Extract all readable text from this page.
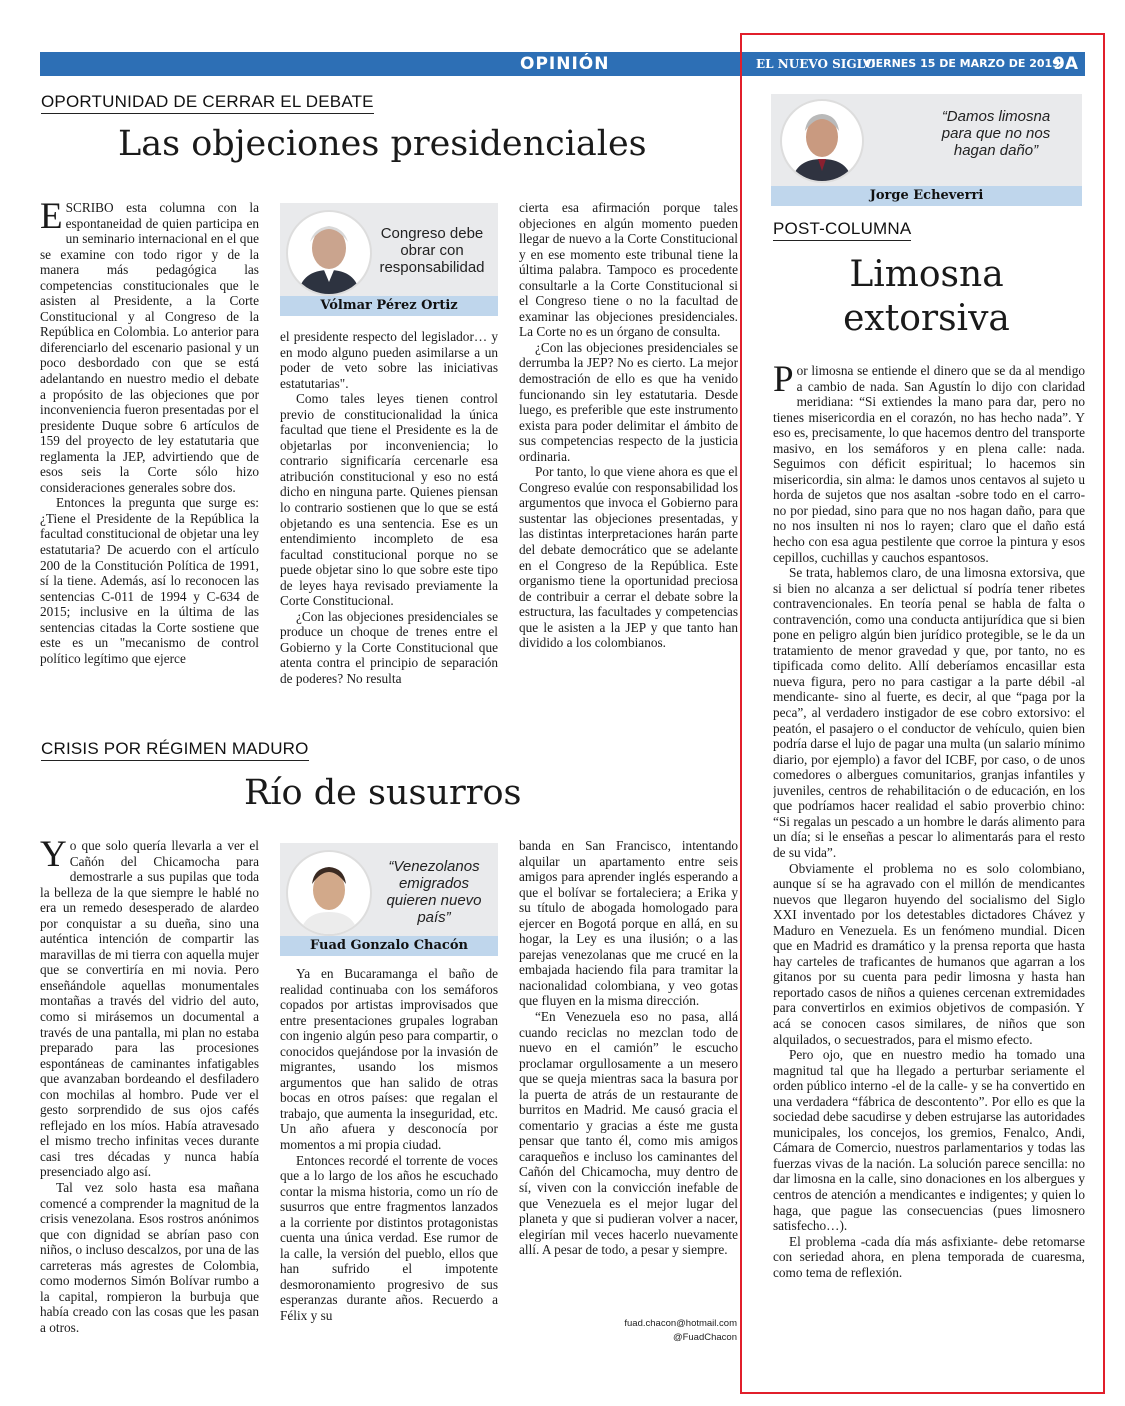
OPINIÓN	EL NUEVO SIGLO
VIERNES 15 DE MARZO DE 2019
9A
OPORTUNIDAD DE CERRAR EL DEBATE
Las objeciones presidenciales

ESCRIBO esta columna con la espontaneidad de quien participa en un seminario internacional en el que se examine con todo rigor y de la manera más pedagógica las competencias constitucionales que le asisten al Presidente, a la Corte Constitucional y al Congreso de la República en Colombia. Lo anterior para diferenciarlo del escenario pasional y un poco desbordado con que se está adelantando en nuestro medio el debate a propósito de las objeciones que por inconveniencia fueron presentadas por el presidente Duque sobre 6 artículos de 159 del proyecto de ley estatutaria que reglamenta la JEP, advirtiendo que de esos seis la Corte sólo hizo consideraciones generales sobre dos.

Entonces la pregunta que surge es: ¿Tiene el Presidente de la República la facultad constitucional de objetar una ley estatutaria? De acuerdo con el artículo 200 de la Constitución Política de 1991, sí la tiene. Además, así lo reconocen las sentencias C-011 de 1994 y C-634 de 2015; inclusive en la última de las sentencias citadas la Corte sostiene que este es un "mecanismo de control político legítimo que ejerce

Congreso debe obrar con responsabilidad
Vólmar Pérez Ortiz

el presidente respecto del legislador… y en modo alguno pueden asimilarse a un poder de veto sobre las iniciativas estatutarias".

Como tales leyes tienen control previo de constitucionalidad la única facultad que tiene el Presidente es la de objetarlas por inconveniencia; lo contrario significaría cercenarle esa atribución constitucional y eso no está dicho en ninguna parte. Quienes piensan lo contrario sostienen que lo que se está objetando es una sentencia. Ese es un entendimiento incompleto de esa facultad constitucional porque no se puede objetar sino lo que sobre este tipo de leyes haya revisado previamente la Corte Constitucional.

¿Con las objeciones presidenciales se produce un choque de trenes entre el Gobierno y la Corte Constitucional que atenta contra el principio de separación de poderes? No resulta

cierta esa afirmación porque tales objeciones en algún momento pueden llegar de nuevo a la Corte Constitucional y en ese momento este tribunal tiene la última palabra. Tampoco es procedente consultarle a la Corte Constitucional si el Congreso tiene o no la facultad de examinar las objeciones presidenciales. La Corte no es un órgano de consulta.

¿Con las objeciones presidenciales se derrumba la JEP? No es cierto. La mejor demostración de ello es que ha venido funcionando sin ley estatutaria. Desde luego, es preferible que este instrumento exista para poder delimitar el ámbito de sus competencias respecto de la justicia ordinaria.

Por tanto, lo que viene ahora es que el Congreso evalúe con responsabilidad los argumentos que invoca el Gobierno para sustentar las objeciones presentadas, y las distintas interpretaciones harán parte del debate democrático que se adelante en el Congreso de la República. Este organismo tiene la oportunidad preciosa de contribuir a cerrar el debate sobre la estructura, las facultades y competencias que le asisten a la JEP y que tanto han dividido a los colombianos.

CRISIS POR RÉGIMEN MADURO
Río de susurros

Yo que solo quería llevarla a ver el Cañón del Chicamocha para demostrarle a sus pupilas que toda la belleza de la que siempre le hablé no era un remedo desesperado de alardeo por conquistar a su dueña, sino una auténtica intención de compartir las maravillas de mi tierra con aquella mujer que se convertiría en mi novia. Pero enseñándole aquellas monumentales montañas a través del vidrio del auto, como si mirásemos un documental a través de una pantalla, mi plan no estaba preparado para las procesiones espontáneas de caminantes infatigables que avanzaban bordeando el desfiladero con mochilas al hombro. Pude ver el gesto sorprendido de sus ojos cafés reflejado en los míos. Había atravesado el mismo trecho infinitas veces durante casi tres décadas y nunca había presenciado algo así.

Tal vez solo hasta esa mañana comencé a comprender la magnitud de la crisis venezolana. Esos rostros anónimos que con dignidad se abrían paso con niños, o incluso descalzos, por una de las carreteras más agrestes de Colombia, como modernos Simón Bolívar rumbo a la capital, rompieron la burbuja que había creado con las cosas que les pasan a otros.

“Venezolanos emigrados quieren nuevo país”
Fuad Gonzalo Chacón

Ya en Bucaramanga el baño de realidad continuaba con los semáforos copados por artistas improvisados que entre presentaciones grupales lograban con ingenio algún peso para compartir, o conocidos quejándose por la invasión de migrantes, usando los mismos argumentos que han salido de otras bocas en otros países: que regalan el trabajo, que aumenta la inseguridad, etc. Un año afuera y desconocía por momentos a mi propia ciudad.

Entonces recordé el torrente de voces que a lo largo de los años he escuchado contar la misma historia, como un río de susurros que entre fragmentos lanzados a la corriente por distintos protagonistas cuenta una única verdad. Ese rumor de la calle, la versión del pueblo, ellos que han sufrido el impotente desmoronamiento progresivo de sus esperanzas durante años. Recuerdo a Félix y su

banda en San Francisco, intentando alquilar un apartamento entre seis amigos para aprender inglés esperando a que el bolívar se fortaleciera; a Erika y su título de abogada homologado para ejercer en Bogotá porque en allá, en su hogar, la Ley es una ilusión; o a las parejas venezolanas que me crucé en la embajada haciendo fila para tramitar la nacionalidad colombiana, y veo gotas que fluyen en la misma dirección.

“En Venezuela eso no pasa, allá cuando reciclas no mezclan todo de nuevo en el camión” le escucho proclamar orgullosamente a un mesero que se queja mientras saca la basura por la puerta de atrás de un restaurante de burritos en Madrid. Me causó gracia el comentario y gracias a éste me gusta pensar que tanto él, como mis amigos caraqueños e incluso los caminantes del Cañón del Chicamocha, muy dentro de sí, viven con la convicción inefable de que Venezuela es el mejor lugar del planeta y que si pudieran volver a nacer, elegirían mil veces hacerlo nuevamente allí. A pesar de todo, a pesar y siempre.

fuad.chacon@hotmail.com
@FuadChacon
“Damos limosna para que no nos hagan daño”
Jorge Echeverri
POST-COLUMNA
Limosna
extorsiva

Por limosna se entiende el dinero que se da al mendigo a cambio de nada. San Agustín lo dijo con claridad meridiana: “Si extiendes la mano para dar, pero no tienes misericordia en el corazón, no has hecho nada”. Y eso es, precisamente, lo que hacemos dentro del transporte masivo, en los semáforos y en plena calle: nada. Seguimos con déficit espiritual; lo hacemos sin misericordia, sin alma: le damos unos centavos al sujeto u horda de sujetos que nos asaltan -sobre todo en el carro- no por piedad, sino para que no nos hagan daño, para que no nos insulten ni nos lo rayen; claro que el daño está hecho con esa agua pestilente que corroe la pintura y esos cepillos, cuchillas y cauchos espantosos.

Se trata, hablemos claro, de una limosna extorsiva, que si bien no alcanza a ser delictual sí podría tener ribetes contravencionales. En teoría penal se habla de falta o contravención, como una conducta antijurídica que si bien pone en peligro algún bien jurídico protegible, se le da un tratamiento de menor gravedad y que, por tanto, no es tipificada como delito. Allí deberíamos encasillar esta nueva figura, pero no para castigar a la parte débil -al mendicante- sino al fuerte, es decir, al que “paga por la peca”, al verdadero instigador de ese cobro extorsivo: el peatón, el pasajero o el conductor de vehículo, quien bien podría darse el lujo de pagar una multa (un salario mínimo diario, por ejemplo) a favor del ICBF, por caso, o de unos comedores o albergues comunitarios, granjas infantiles y juveniles, centros de rehabilitación o de educación, en los que podríamos hacer realidad el sabio proverbio chino: “Si regalas un pescado a un hombre le darás alimento para un día; si le enseñas a pescar lo alimentarás para el resto de su vida”.

Obviamente el problema no es solo colombiano, aunque sí se ha agravado con el millón de mendicantes nuevos que llegaron huyendo del socialismo del Siglo XXI inventado por los detestables dictadores Chávez y Maduro en Venezuela. Es un fenómeno mundial. Dicen que en Madrid es dramático y la prensa reporta que hasta hay carteles de traficantes de humanos que agarran a los gitanos por su cuenta para pedir limosna y hasta han reportado casos de niños a quienes cercenan extremidades para convertirlos en eximios objetivos de compasión. Y acá se conocen casos similares, de niños que son alquilados, o secuestrados, para el mismo efecto.

Pero ojo, que en nuestro medio ha tomado una magnitud tal que ha llegado a perturbar seriamente el orden público interno -el de la calle- y se ha convertido en una verdadera “fábrica de descontento”. Por ello es que la sociedad debe sacudirse y deben estrujarse las autoridades municipales, los concejos, los gremios, Fenalco, Andi, Cámara de Comercio, nuestros parlamentarios y todas las fuerzas vivas de la nación. La solución parece sencilla: no dar limosna en la calle, sino donaciones en los albergues y centros de atención a mendicantes e indigentes; y quien lo haga, que pague las consecuencias (pues limosnero satisfecho…).

El problema -cada día más asfixiante- debe retomarse con seriedad ahora, en plena temporada de cuaresma, como tema de reflexión.
